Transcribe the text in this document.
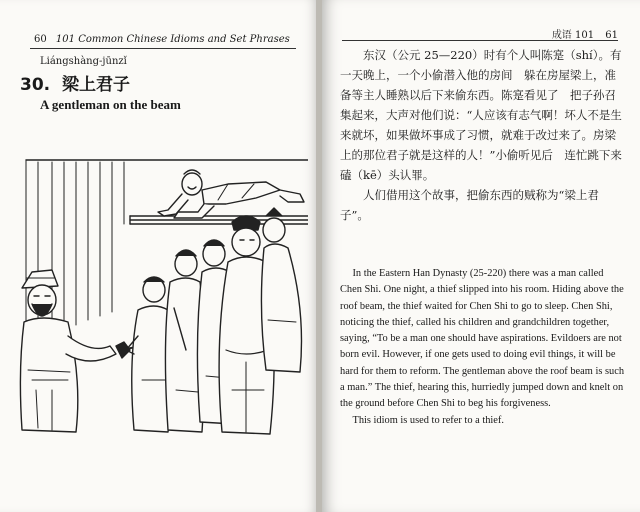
60 101 Common Chinese Idioms and Set Phrases
Liángshàng-jūnzǐ
30. 梁上君子
A gentleman on the beam
成语 101 61

东汉（公元 25—220）时有个人叫陈寔（shí）。有一天晚上，一个小偷潜入他的房间　躲在房屋梁上，准备等主人睡熟以后下来偷东西。陈寔看见了　把子孙召集起来，大声对他们说：“人应该有志气啊！坏人不是生来就坏，如果做坏事成了习惯，就难于改过来了。房梁上的那位君子就是这样的人！”小偷听见后　连忙跳下来磕（kē）头认罪。

人们借用这个故事，把偷东西的贼称为“梁上君子”。

In the Eastern Han Dynasty (25-220) there was a man called Chen Shi. One night, a thief slipped into his room. Hiding above the roof beam, the thief waited for Chen Shi to go to sleep. Chen Shi, noticing the thief, called his children and grandchildren together, saying, “To be a man one should have aspirations. Evildoers are not born evil. However, if one gets used to doing evil things, it will be hard for them to reform. The gentleman above the roof beam is such a man.” The thief, hearing this, hurriedly jumped down and knelt on the ground before Chen Shi to beg his forgiveness.

This idiom is used to refer to a thief.
